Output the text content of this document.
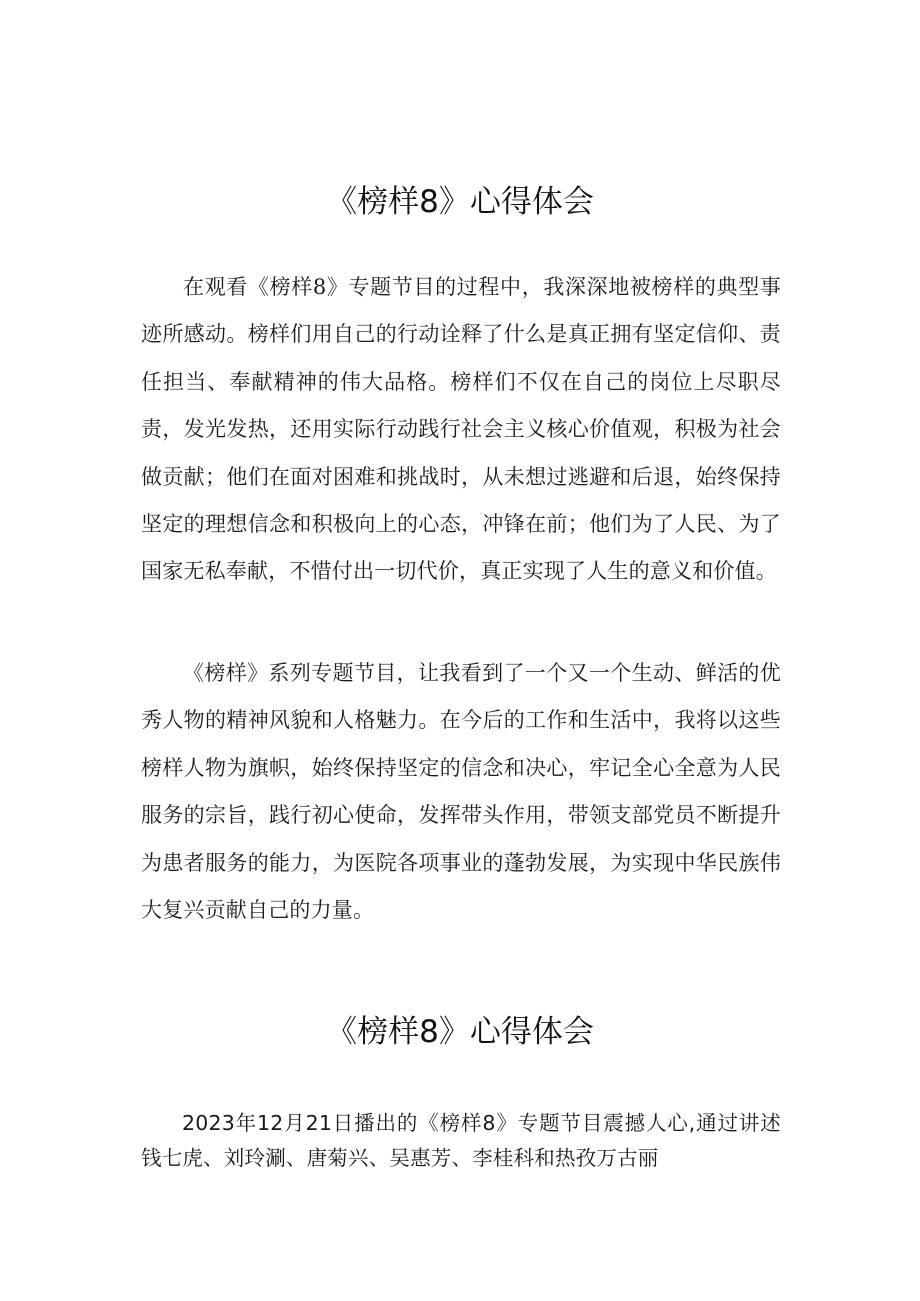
《榜样8》心得体会

在观看《榜样8》专题节目的过程中，我深深地被榜样的典型事迹所感动。榜样们用自己的行动诠释了什么是真正拥有坚定信仰、责任担当、奉献精神的伟大品格。榜样们不仅在自己的岗位上尽职尽责，发光发热，还用实际行动践行社会主义核心价值观，积极为社会做贡献；他们在面对困难和挑战时，从未想过逃避和后退，始终保持坚定的理想信念和积极向上的心态，冲锋在前；他们为了人民、为了国家无私奉献，不惜付出一切代价，真正实现了人生的意义和价值。

《榜样》系列专题节目，让我看到了一个又一个生动、鲜活的优秀人物的精神风貌和人格魅力。在今后的工作和生活中，我将以这些榜样人物为旗帜，始终保持坚定的信念和决心，牢记全心全意为人民服务的宗旨，践行初心使命，发挥带头作用，带领支部党员不断提升为患者服务的能力，为医院各项事业的蓬勃发展，为实现中华民族伟大复兴贡献自己的力量。

《榜样8》心得体会

2023年12月21日播出的《榜样8》专题节目震撼人心,通过讲述钱七虎、刘玲涮、唐菊兴、吴惠芳、李桂科和热孜万古丽
